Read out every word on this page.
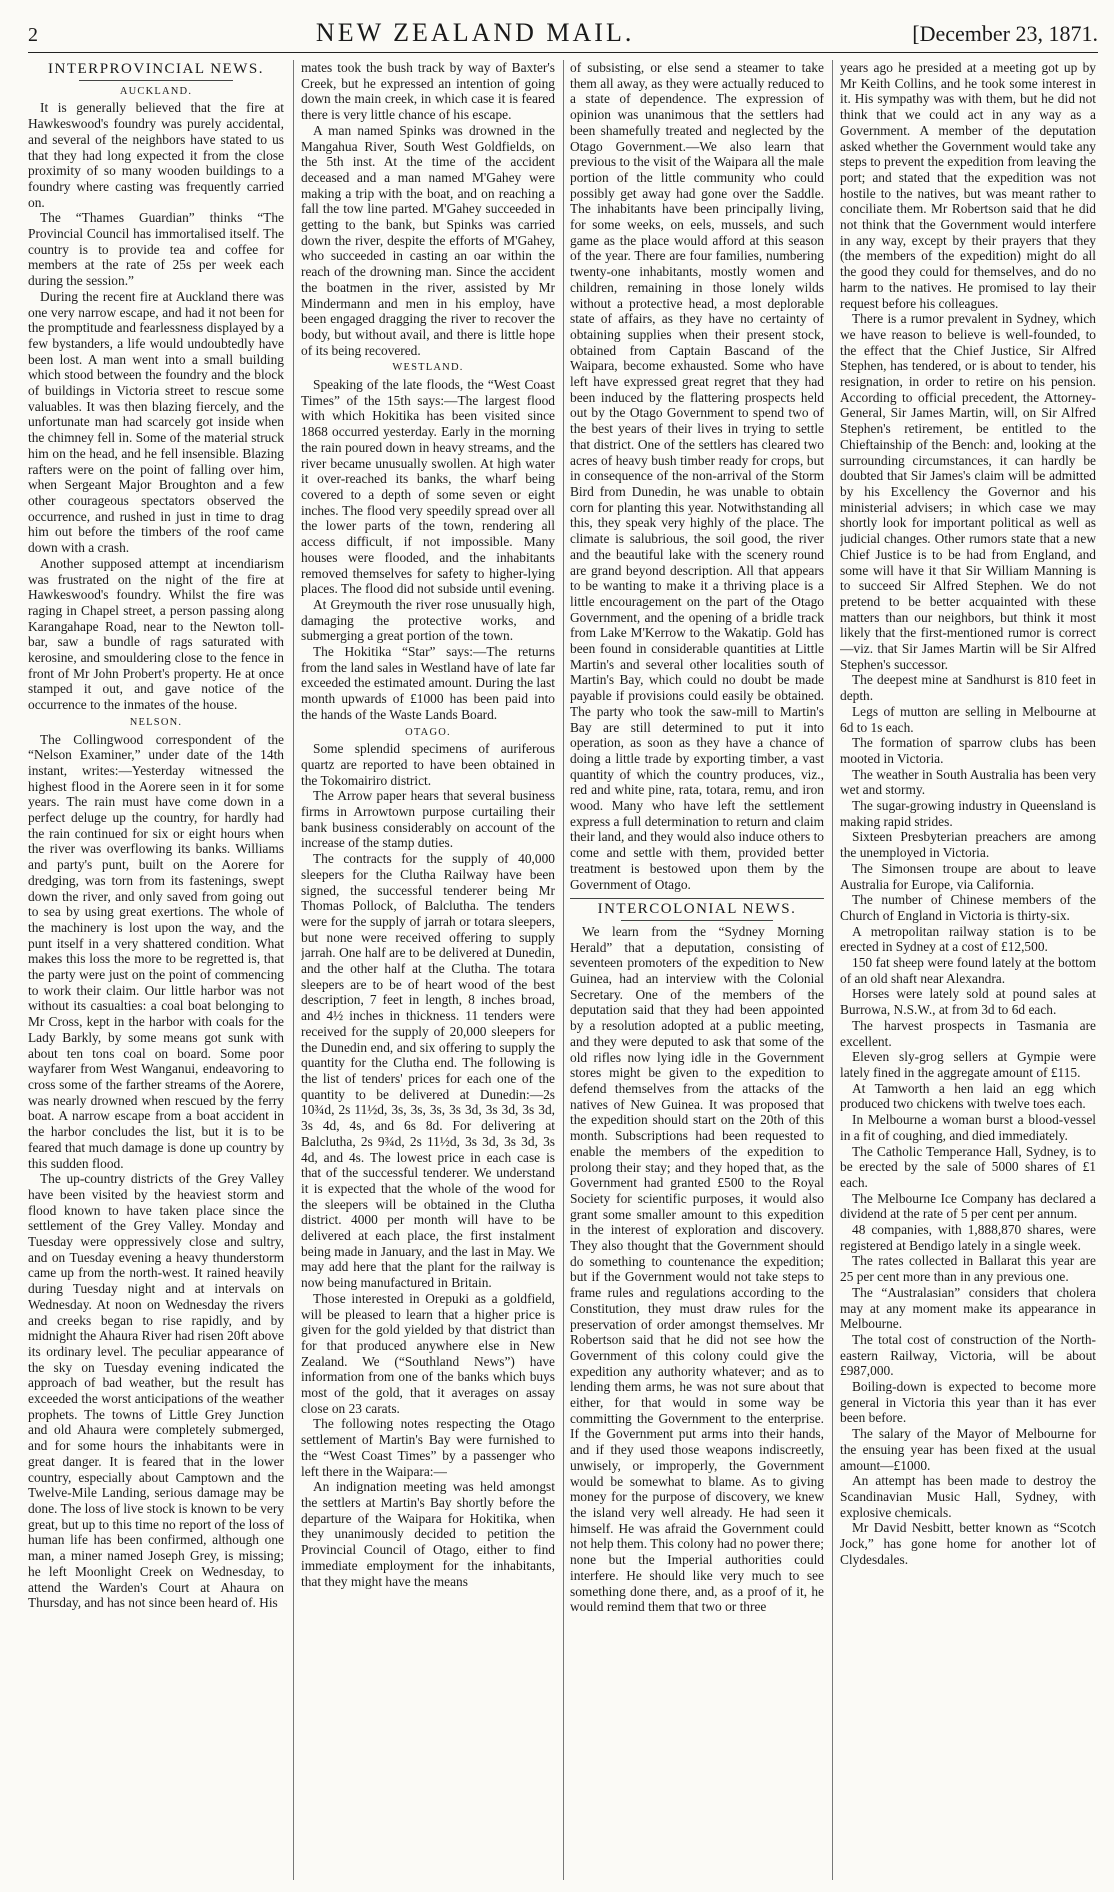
2	NEW ZEALAND MAIL.	[December 23, 1871.
INTERPROVINCIAL NEWS.
AUCKLAND.

It is generally believed that the fire at Hawkeswood's foundry was purely accidental, and several of the neighbors have stated to us that they had long expected it from the close proximity of so many wooden buildings to a foundry where casting was frequently carried on.

The “Thames Guardian” thinks “The Provincial Council has immortalised itself. The country is to provide tea and coffee for members at the rate of 25s per week each during the session.”

During the recent fire at Auckland there was one very narrow escape, and had it not been for the promptitude and fearlessness displayed by a few bystanders, a life would undoubtedly have been lost. A man went into a small building which stood between the foundry and the block of buildings in Victoria street to rescue some valuables. It was then blazing fiercely, and the unfortunate man had scarcely got inside when the chimney fell in. Some of the material struck him on the head, and he fell insensible. Blazing rafters were on the point of falling over him, when Sergeant Major Broughton and a few other courageous spectators observed the occurrence, and rushed in just in time to drag him out before the timbers of the roof came down with a crash.

Another supposed attempt at incendiarism was frustrated on the night of the fire at Hawkeswood's foundry. Whilst the fire was raging in Chapel street, a person passing along Karangahape Road, near to the Newton toll-bar, saw a bundle of rags saturated with kerosine, and smouldering close to the fence in front of Mr John Probert's property. He at once stamped it out, and gave notice of the occurrence to the inmates of the house.

NELSON.

The Collingwood correspondent of the “Nelson Examiner,” under date of the 14th instant, writes:—Yesterday witnessed the highest flood in the Aorere seen in it for some years. The rain must have come down in a perfect deluge up the country, for hardly had the rain continued for six or eight hours when the river was overflowing its banks. Williams and party's punt, built on the Aorere for dredging, was torn from its fastenings, swept down the river, and only saved from going out to sea by using great exertions. The whole of the machinery is lost upon the way, and the punt itself in a very shattered condition. What makes this loss the more to be regretted is, that the party were just on the point of commencing to work their claim. Our little harbor was not without its casualties: a coal boat belonging to Mr Cross, kept in the harbor with coals for the Lady Barkly, by some means got sunk with about ten tons coal on board. Some poor wayfarer from West Wanganui, endeavoring to cross some of the farther streams of the Aorere, was nearly drowned when rescued by the ferry boat. A narrow escape from a boat accident in the harbor concludes the list, but it is to be feared that much damage is done up country by this sudden flood.

The up-country districts of the Grey Valley have been visited by the heaviest storm and flood known to have taken place since the settlement of the Grey Valley. Monday and Tuesday were oppressively close and sultry, and on Tuesday evening a heavy thunderstorm came up from the north-west. It rained heavily during Tuesday night and at intervals on Wednesday. At noon on Wednesday the rivers and creeks began to rise rapidly, and by midnight the Ahaura River had risen 20ft above its ordinary level. The peculiar appearance of the sky on Tuesday evening indicated the approach of bad weather, but the result has exceeded the worst anticipations of the weather prophets. The towns of Little Grey Junction and old Ahaura were completely submerged, and for some hours the inhabitants were in great danger. It is feared that in the lower country, especially about Camptown and the Twelve-Mile Landing, serious damage may be done. The loss of live stock is known to be very great, but up to this time no report of the loss of human life has been confirmed, although one man, a miner named Joseph Grey, is missing; he left Moonlight Creek on Wednesday, to attend the Warden's Court at Ahaura on Thursday, and has not since been heard of. His

mates took the bush track by way of Baxter's Creek, but he expressed an intention of going down the main creek, in which case it is feared there is very little chance of his escape.

A man named Spinks was drowned in the Mangahua River, South West Goldfields, on the 5th inst. At the time of the accident deceased and a man named M'Gahey were making a trip with the boat, and on reaching a fall the tow line parted. M'Gahey succeeded in getting to the bank, but Spinks was carried down the river, despite the efforts of M'Gahey, who succeeded in casting an oar within the reach of the drowning man. Since the accident the boatmen in the river, assisted by Mr Mindermann and men in his employ, have been engaged dragging the river to recover the body, but without avail, and there is little hope of its being recovered.

WESTLAND.

Speaking of the late floods, the “West Coast Times” of the 15th says:—The largest flood with which Hokitika has been visited since 1868 occurred yesterday. Early in the morning the rain poured down in heavy streams, and the river became unusually swollen. At high water it over-reached its banks, the wharf being covered to a depth of some seven or eight inches. The flood very speedily spread over all the lower parts of the town, rendering all access difficult, if not impossible. Many houses were flooded, and the inhabitants removed themselves for safety to higher-lying places. The flood did not subside until evening.

At Greymouth the river rose unusually high, damaging the protective works, and submerging a great portion of the town.

The Hokitika “Star” says:—The returns from the land sales in Westland have of late far exceeded the estimated amount. During the last month upwards of £1000 has been paid into the hands of the Waste Lands Board.

OTAGO.

Some splendid specimens of auriferous quartz are reported to have been obtained in the Tokomairiro district.

The Arrow paper hears that several business firms in Arrowtown purpose curtailing their bank business considerably on account of the increase of the stamp duties.

The contracts for the supply of 40,000 sleepers for the Clutha Railway have been signed, the successful tenderer being Mr Thomas Pollock, of Balclutha. The tenders were for the supply of jarrah or totara sleepers, but none were received offering to supply jarrah. One half are to be delivered at Dunedin, and the other half at the Clutha. The totara sleepers are to be of heart wood of the best description, 7 feet in length, 8 inches broad, and 4½ inches in thickness. 11 tenders were received for the supply of 20,000 sleepers for the Dunedin end, and six offering to supply the quantity for the Clutha end. The following is the list of tenders' prices for each one of the quantity to be delivered at Dunedin:—2s 10¾d, 2s 11½d, 3s, 3s, 3s, 3s 3d, 3s 3d, 3s 3d, 3s 4d, 4s, and 6s 8d. For delivering at Balclutha, 2s 9¾d, 2s 11½d, 3s 3d, 3s 3d, 3s 4d, and 4s. The lowest price in each case is that of the successful tenderer. We understand it is expected that the whole of the wood for the sleepers will be obtained in the Clutha district. 4000 per month will have to be delivered at each place, the first instalment being made in January, and the last in May. We may add here that the plant for the railway is now being manufactured in Britain.

Those interested in Orepuki as a goldfield, will be pleased to learn that a higher price is given for the gold yielded by that district than for that produced anywhere else in New Zealand. We (“Southland News”) have information from one of the banks which buys most of the gold, that it averages on assay close on 23 carats.

The following notes respecting the Otago settlement of Martin's Bay were furnished to the “West Coast Times” by a passenger who left there in the Waipara:—

An indignation meeting was held amongst the settlers at Martin's Bay shortly before the departure of the Waipara for Hokitika, when they unanimously decided to petition the Provincial Council of Otago, either to find immediate employment for the inhabitants, that they might have the means

of subsisting, or else send a steamer to take them all away, as they were actually reduced to a state of dependence. The expression of opinion was unanimous that the settlers had been shamefully treated and neglected by the Otago Government.—We also learn that previous to the visit of the Waipara all the male portion of the little community who could possibly get away had gone over the Saddle. The inhabitants have been principally living, for some weeks, on eels, mussels, and such game as the place would afford at this season of the year. There are four families, numbering twenty-one inhabitants, mostly women and children, remaining in those lonely wilds without a protective head, a most deplorable state of affairs, as they have no certainty of obtaining supplies when their present stock, obtained from Captain Bascand of the Waipara, become exhausted. Some who have left have expressed great regret that they had been induced by the flattering prospects held out by the Otago Government to spend two of the best years of their lives in trying to settle that district. One of the settlers has cleared two acres of heavy bush timber ready for crops, but in consequence of the non-arrival of the Storm Bird from Dunedin, he was unable to obtain corn for planting this year. Notwithstanding all this, they speak very highly of the place. The climate is salubrious, the soil good, the river and the beautiful lake with the scenery round are grand beyond description. All that appears to be wanting to make it a thriving place is a little encouragement on the part of the Otago Government, and the opening of a bridle track from Lake M'Kerrow to the Wakatip. Gold has been found in considerable quantities at Little Martin's and several other localities south of Martin's Bay, which could no doubt be made payable if provisions could easily be obtained. The party who took the saw-mill to Martin's Bay are still determined to put it into operation, as soon as they have a chance of doing a little trade by exporting timber, a vast quantity of which the country produces, viz., red and white pine, rata, totara, remu, and iron wood. Many who have left the settlement express a full determination to return and claim their land, and they would also induce others to come and settle with them, provided better treatment is bestowed upon them by the Government of Otago.

INTERCOLONIAL NEWS.

We learn from the “Sydney Morning Herald” that a deputation, consisting of seventeen promoters of the expedition to New Guinea, had an interview with the Colonial Secretary. One of the members of the deputation said that they had been appointed by a resolution adopted at a public meeting, and they were deputed to ask that some of the old rifles now lying idle in the Government stores might be given to the expedition to defend themselves from the attacks of the natives of New Guinea. It was proposed that the expedition should start on the 20th of this month. Subscriptions had been requested to enable the members of the expedition to prolong their stay; and they hoped that, as the Government had granted £500 to the Royal Society for scientific purposes, it would also grant some smaller amount to this expedition in the interest of exploration and discovery. They also thought that the Government should do something to countenance the expedition; but if the Government would not take steps to frame rules and regulations according to the Constitution, they must draw rules for the preservation of order amongst themselves. Mr Robertson said that he did not see how the Government of this colony could give the expedition any authority whatever; and as to lending them arms, he was not sure about that either, for that would in some way be committing the Government to the enterprise. If the Government put arms into their hands, and if they used those weapons indiscreetly, unwisely, or improperly, the Government would be somewhat to blame. As to giving money for the purpose of discovery, we knew the island very well already. He had seen it himself. He was afraid the Government could not help them. This colony had no power there; none but the Imperial authorities could interfere. He should like very much to see something done there, and, as a proof of it, he would remind them that two or three

years ago he presided at a meeting got up by Mr Keith Collins, and he took some interest in it. His sympathy was with them, but he did not think that we could act in any way as a Government. A member of the deputation asked whether the Government would take any steps to prevent the expedition from leaving the port; and stated that the expedition was not hostile to the natives, but was meant rather to conciliate them. Mr Robertson said that he did not think that the Government would interfere in any way, except by their prayers that they (the members of the expedition) might do all the good they could for themselves, and do no harm to the natives. He promised to lay their request before his colleagues.

There is a rumor prevalent in Sydney, which we have reason to believe is well-founded, to the effect that the Chief Justice, Sir Alfred Stephen, has tendered, or is about to tender, his resignation, in order to retire on his pension. According to official precedent, the Attorney-General, Sir James Martin, will, on Sir Alfred Stephen's retirement, be entitled to the Chieftainship of the Bench: and, looking at the surrounding circumstances, it can hardly be doubted that Sir James's claim will be admitted by his Excellency the Governor and his ministerial advisers; in which case we may shortly look for important political as well as judicial changes. Other rumors state that a new Chief Justice is to be had from England, and some will have it that Sir William Manning is to succeed Sir Alfred Stephen. We do not pretend to be better acquainted with these matters than our neighbors, but think it most likely that the first-mentioned rumor is correct—viz. that Sir James Martin will be Sir Alfred Stephen's successor.

The deepest mine at Sandhurst is 810 feet in depth.

Legs of mutton are selling in Melbourne at 6d to 1s each.

The formation of sparrow clubs has been mooted in Victoria.

The weather in South Australia has been very wet and stormy.

The sugar-growing industry in Queensland is making rapid strides.

Sixteen Presbyterian preachers are among the unemployed in Victoria.

The Simonsen troupe are about to leave Australia for Europe, via California.

The number of Chinese members of the Church of England in Victoria is thirty-six.

A metropolitan railway station is to be erected in Sydney at a cost of £12,500.

150 fat sheep were found lately at the bottom of an old shaft near Alexandra.

Horses were lately sold at pound sales at Burrowa, N.S.W., at from 3d to 6d each.

The harvest prospects in Tasmania are excellent.

Eleven sly-grog sellers at Gympie were lately fined in the aggregate amount of £115.

At Tamworth a hen laid an egg which produced two chickens with twelve toes each.

In Melbourne a woman burst a blood-vessel in a fit of coughing, and died immediately.

The Catholic Temperance Hall, Sydney, is to be erected by the sale of 5000 shares of £1 each.

The Melbourne Ice Company has declared a dividend at the rate of 5 per cent per annum.

48 companies, with 1,888,870 shares, were registered at Bendigo lately in a single week.

The rates collected in Ballarat this year are 25 per cent more than in any previous one.

The “Australasian” considers that cholera may at any moment make its appearance in Melbourne.

The total cost of construction of the North-eastern Railway, Victoria, will be about £987,000.

Boiling-down is expected to become more general in Victoria this year than it has ever been before.

The salary of the Mayor of Melbourne for the ensuing year has been fixed at the usual amount—£1000.

An attempt has been made to destroy the Scandinavian Music Hall, Sydney, with explosive chemicals.

Mr David Nesbitt, better known as “Scotch Jock,” has gone home for another lot of Clydesdales.
